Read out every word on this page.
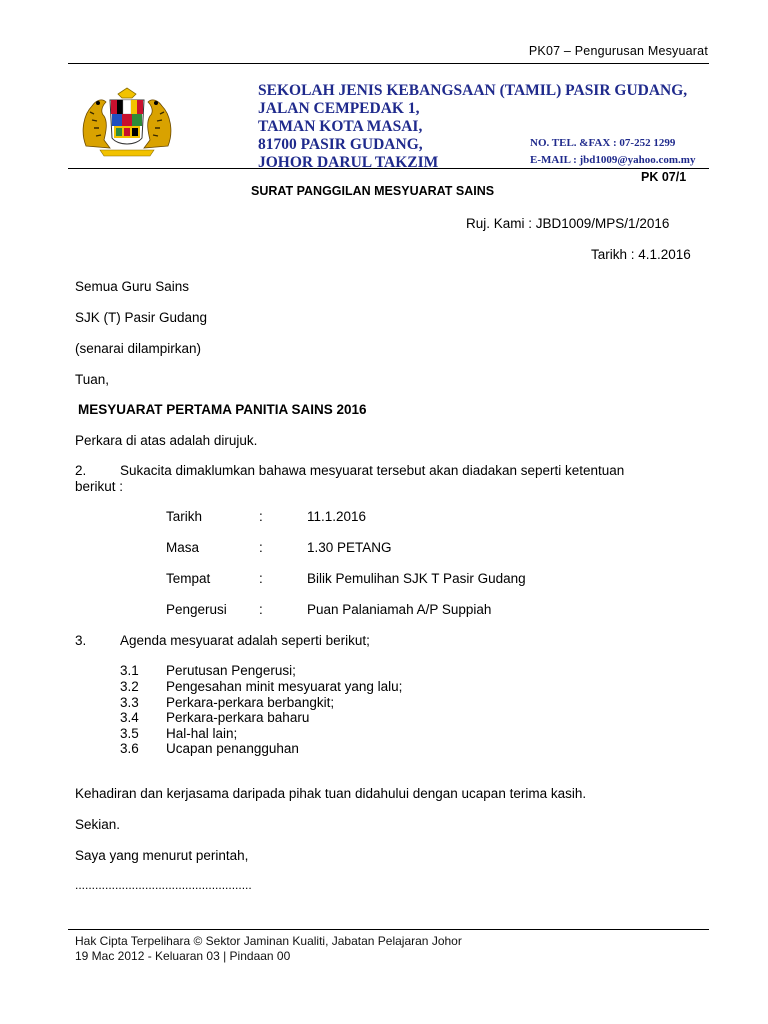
PK07 – Pengurusan Mesyuarat
SEKOLAH JENIS KEBANGSAAN (TAMIL) PASIR GUDANG,
JALAN CEMPEDAK 1,
TAMAN KOTA MASAI,
81700 PASIR GUDANG,
JOHOR DARUL TAKZIM
NO. TEL. &FAX : 07-252 1299
E-MAIL : jbd1009@yahoo.com.my
PK 07/1
SURAT PANGGILAN MESYUARAT SAINS
Ruj. Kami : JBD1009/MPS/1/2016
Tarikh : 4.1.2016
Semua Guru Sains
SJK (T) Pasir Gudang
(senarai dilampirkan)
Tuan,
MESYUARAT PERTAMA PANITIA SAINS 2016
Perkara di atas adalah dirujuk.
2. Sukacita dimaklumkan bahawa mesyuarat tersebut akan diadakan seperti ketentuan
berikut :
Tarikh	:	11.1.2016
Masa	:	1.30 PETANG
Tempat	:	Bilik Pemulihan SJK T Pasir Gudang
Pengerusi :	Puan Palaniamah A/P Suppiah
3. Agenda mesyuarat adalah seperti berikut;
3.1 Perutusan Pengerusi;
3.2 Pengesahan minit mesyuarat yang lalu;
3.3 Perkara-perkara berbangkit;
3.4 Perkara-perkara baharu
3.5 Hal-hal lain;
3.6 Ucapan penangguhan
Kehadiran dan kerjasama daripada pihak tuan didahului dengan ucapan terima kasih.
Sekian.
Saya yang menurut perintah,
.....................................................
Hak Cipta Terpelihara © Sektor Jaminan Kualiti, Jabatan Pelajaran Johor
19 Mac 2012 - Keluaran 03 | Pindaan 00
